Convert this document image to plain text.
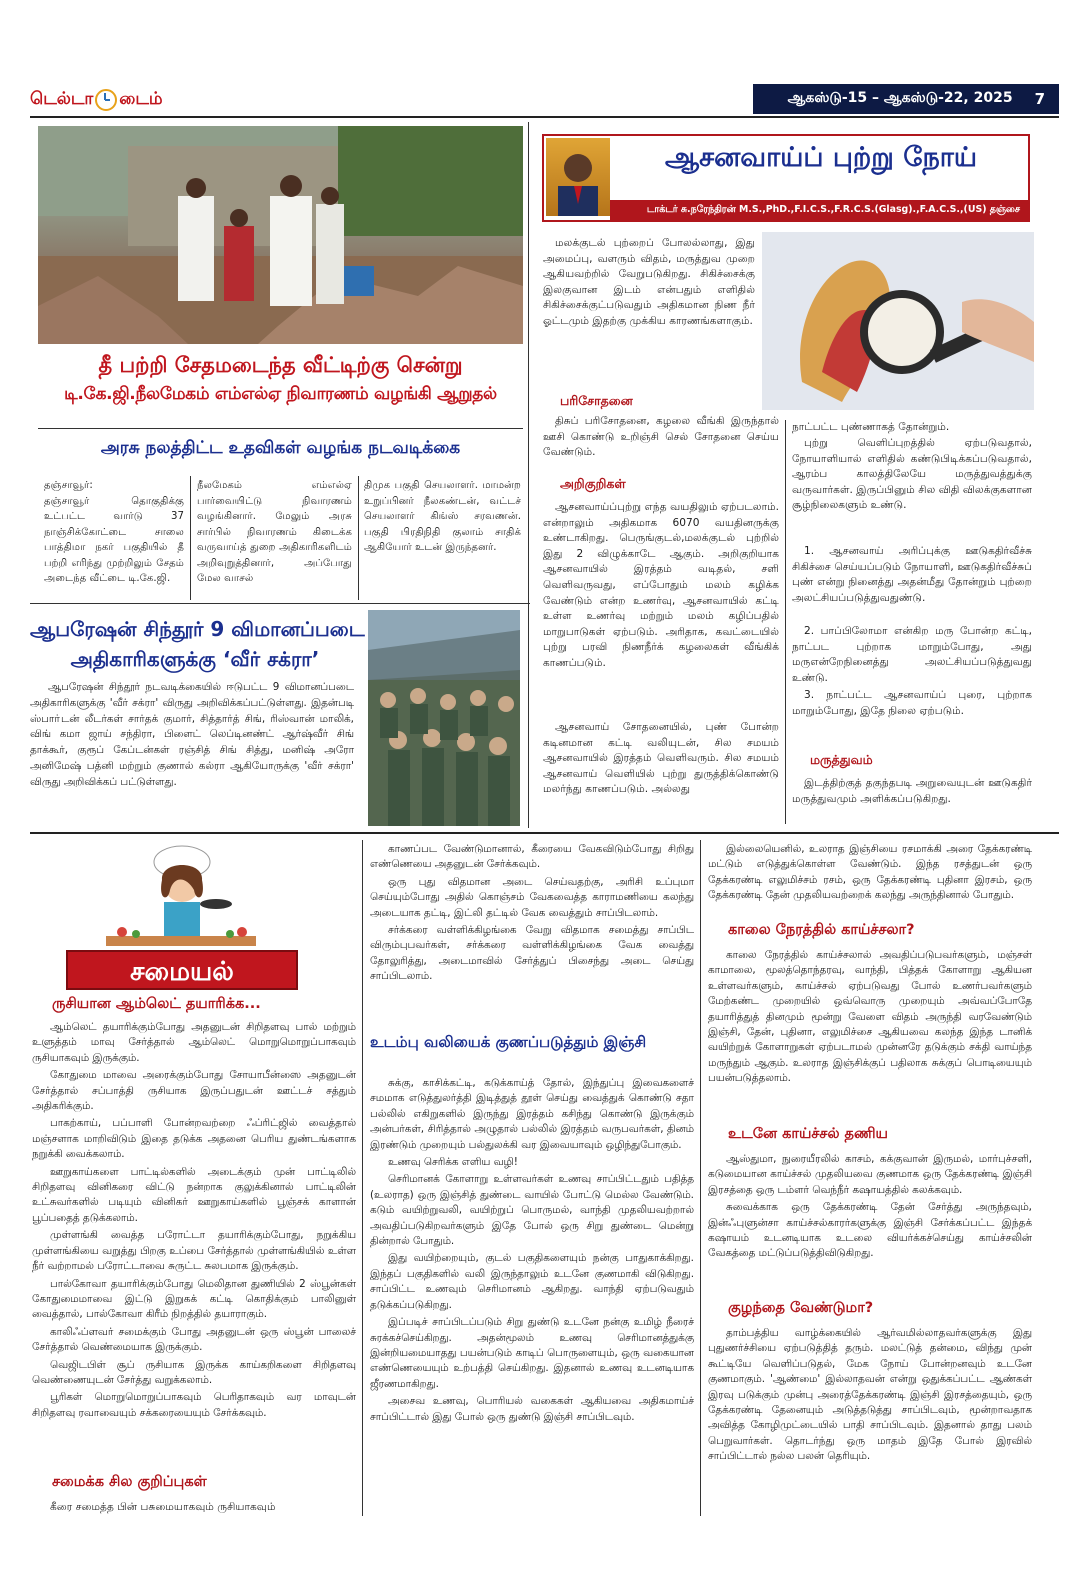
டெல்டா டைம்	ஆகஸ்டு-15 – ஆகஸ்டு-22, 2025 7
தீ பற்றி சேதமடைந்த வீட்டிற்கு சென்று
டி.கே.ஜி.நீலமேகம் எம்எல்ஏ நிவாரணம் வழங்கி ஆறுதல்
அரசு நலத்திட்ட உதவிகள் வழங்க நடவடிக்கை
தஞ்சாவூர்:
தஞ்சாவூர் தொகுதிக்கு உட்பட்ட வார்டு 37 நாஞ்சிக்கோட்டை சாலை பாத்திமா நகர் பகுதியில் தீ பற்றி எரிந்து முற்றிலும் சேதம் அடைந்த வீட்டை டி.கே.ஜி.
நீலமேகம் எம்எல்ஏ பார்வையிட்டு நிவாரணம் வழங்கினார். மேலும் அரசு சார்பில் நிவாரணம் கிடைக்க வருவாய்த் துறை அதிகாரிகளிடம் அறிவுறுத்தினார், அப்போது மேல வாசல்
திமுக பகுதி செயலாளர். மாமன்ற உறுப்பினர் நீலகண்டன், வட்டச் செயலாளர் கிங்ஸ் சரவணன். பகுதி பிரதிநிதி குலாம் சாதிக் ஆகியோர் உடன் இருந்தனர்.
ஆபரேஷன் சிந்தூர் 9 விமானப்படை
அதிகாரிகளுக்கு ‘வீர் சக்ரா’
ஆபரேஷன் சிந்தூர் நடவடிக்கையில் ஈடுபட்ட 9 விமானப்படை அதிகாரிகளுக்கு 'வீர் சக்ரா' விருது அறிவிக்கப்பட்டுள்ளது. இதன்படி ஸ்பாா்டன் லீடர்கள் சார்தக் குமார், சித்தார்த் சிங், ரிஸ்வான் மாலிக், விங் கமா ஜாய் சந்திரா, பிளைட் லெப்டினண்ட் ஆர்ஷ்வீர் சிங் தாக்கூர், குரூப் கேப்டன்கள் ரஞ்சித் சிங் சித்து, மனிஷ் அரோ அனிமேஷ் பத்னி மற்றும் குணால் கல்ரா ஆகியோருக்கு 'வீர் சக்ரா' விருது அறிவிக்கப் பட்டுள்ளது.
ஆசனவாய்ப் புற்று நோய்
டாக்டர் சு.நரேந்திரன் M.S.,PhD.,F.I.C.S.,F.R.C.S.(Glasg).,F.A.C.S.,(US) தஞ்சை
மலக்குடல் புற்றைப் போலல்லாது, இது அமைப்பு, வளரும் விதம், மருத்துவ முறை ஆகியவற்றில் வேறுபடுகிறது. சிகிச்சைக்கு இலகுவான இடம் என்பதும் எளிதில் சிகிச்சைக்குட்படுவதும் அதிகமான நிண நீர் ஓட்டமும் இதற்கு முக்கிய காரணங்களாகும்.
பரிசோதனை
திசுப் பரிசோதனை, கழலை வீங்கி இருந்தால் ஊசி கொண்டு உறிஞ்சி செல் சோதனை செய்ய வேண்டும்.
அறிகுறிகள்
ஆசனவாய்ப்புற்று எந்த வயதிலும் ஏற்படலாம். என்றாலும் அதிகமாக 6070 வயதினருக்கு உண்டாகிறது. பெருங்குடல்,மலக்குடல் புற்றில் இது 2 விழுக்காடே ஆகும். அறிகுறியாக ஆசனவாயில் இரத்தம் வடிதல், சளி வெளிவருவது, எப்போதும் மலம் கழிக்க வேண்டும் என்ற உணர்வு, ஆசனவாயில் கட்டி உள்ள உணர்வு மற்றும் மலம் கழிப்பதில் மாறுபாடுகள் ஏற்படும். அரிதாக, கவட்டையில் புற்று பரவி நிணநீர்க் கழலைகள் வீங்கிக் காணப்படும்.
ஆசனவாய் சோதனையில், புண் போன்ற கடினமான கட்டி வலியுடன், சில சமயம் ஆசனவாயில் இரத்தம் வெளிவரும். சில சமயம் ஆசனவாய் வெளியில் புற்று துருத்திக்கொண்டு மலர்ந்து காணப்படும். அல்லது
நாட்பட்ட புண்ணாகத் தோன்றும்.
புற்று வெளிப்புறத்தில் ஏற்படுவதால், நோயாளியால் எளிதில் கண்டுபிடிக்கப்படுவதால், ஆரம்ப காலத்திலேயே மருத்துவத்துக்கு வருவார்கள். இருப்பினும் சில விதி விலக்குகளான சூழ்நிலைகளும் உண்டு.
1. ஆசனவாய் அரிப்புக்கு ஊடுகதிர்வீச்சு சிகிச்சை செய்யப்படும் நோயாளி, ஊடுகதிர்வீச்சுப் புண் என்று நினைத்து அதன்மீது தோன்றும் புற்றை அலட்சியப்படுத்துவதுண்டு.
2. பாப்பிலோமா என்கிற மரு போன்ற கட்டி, நாட்பட புற்றாக மாறும்போது, அது மருஎன்றேநினைத்து அலட்சியப்படுத்துவது உண்டு.
3. நாட்பட்ட ஆசனவாய்ப் புரை, புற்றாக மாறும்போது, இதே நிலை ஏற்படும்.
மருத்துவம்
இடத்திற்குத் தகுந்தபடி அறுவையுடன் ஊடுகதிர் மருத்துவமும் அளிக்கப்படுகிறது.
சமையல்
ருசியான ஆம்லெட் தயாரிக்க...

ஆம்லெட் தயாரிக்கும்போது அதனுடன் சிறிதளவு பால் மற்றும் உளுத்தம் மாவு சேர்த்தால் ஆம்லெட் மொறுமொறுப்பாகவும் ருசியாகவும் இருக்கும்.

கோதுமை மாவை அரைக்கும்போது சோயாபீன்ஸை அதனுடன் சேர்த்தால் சப்பாத்தி ருசியாக இருப்பதுடன் ஊட்டச் சத்தும் அதிகரிக்கும்.

பாகற்காய், பப்பாளி போன்றவற்றை ஃப்ரிட்ஜில் வைத்தால் மஞ்சளாக மாறிவிடும் இதை தடுக்க அதனை பெரிய துண்டங்களாக நறுக்கி வைக்கலாம்.

ஊறுகாய்களை பாட்டில்களில் அடைக்கும் முன் பாட்டிலில் சிறிதளவு வினிகரை விட்டு நன்றாக குலுக்கினால் பாட்டிலின் உட்சுவர்களில் படியும் வினிகர் ஊறுகாய்களில் பூஞ்சக் காளான் பூப்பதைத் தடுக்கலாம்.

முள்ளங்கி வைத்த பரோட்டா தயாரிக்கும்போது, நறுக்கிய முள்ளங்கியை வறுத்து பிறகு உப்பை சேர்த்தால் முள்ளங்கியில் உள்ள நீர் வற்றாமல் பரோட்டாவை சுருட்ட சுலபமாக இருக்கும்.

பால்கோவா தயாரிக்கும்போது மெலிதான துணியில் 2 ஸ்பூன்கள் கோதுமைமாவை இட்டு இறுகக் கட்டி கொதிக்கும் பாலினுள் வைத்தால், பால்கோவா கிரீம் நிறத்தில் தயாராகும்.

காலிஃப்ளவர் சமைக்கும் போது அதனுடன் ஒரு ஸ்பூன் பாலைச் சேர்த்தால் வெண்மையாக இருக்கும்.

வெஜிடபிள் சூப் ருசியாக இருக்க காய்கறிகளை சிறிதளவு வெண்ணையுடன் சேர்த்து வறுக்கலாம்.

பூரிகள் மொறுமொறுப்பாகவும் பெரிதாகவும் வர மாவுடன் சிறிதளவு ரவாவையும் சக்கரையையும் சேர்க்கவும்.

சமைக்க சில குறிப்புகள்
கீரை சமைத்த பின் பசுமையாகவும் ருசியாகவும்

காணப்பட வேண்டுமானால், கீரையை வேகவிடும்போது சிறிது எண்ணெயை அதனுடன் சேர்க்கவும்.

ஒரு புது விதமான அடை செய்வதற்கு, அரிசி உப்புமா செய்யும்போது அதில் கொஞ்சம் வேகவைத்த காராமணியை கலந்து அடையாக தட்டி, இட்லி தட்டில் வேக வைத்தும் சாப்பிடலாம்.

சர்க்கரை வள்ளிக்கிழங்கை வேறு விதமாக சமைத்து சாப்பிட விரும்புபவர்கள், சர்க்கரை வள்ளிக்கிழங்கை வேக வைத்து தோலுரித்து, அடைமாவில் சேர்த்துப் பிசைந்து அடை செய்து சாப்பிடலாம்.

உடம்பு வலியைக் குணப்படுத்தும் இஞ்சி

சுக்கு, காசிக்கட்டி, கடுக்காய்த் தோல், இந்துப்பு இவைகளைச் சமமாக எடுத்துலர்த்தி இடித்துத் தூள் செய்து வைத்துக் கொண்டு சதா பல்லில் எகிறுகளில் இருந்து இரத்தம் கசிந்து கொண்டு இருக்கும் அன்பர்கள், சிரித்தால் அழுதால் பல்லில் இரத்தம் வருபவர்கள், தினம் இரண்டும் முறையும் பல்துலக்கி வர இவையாவும் ஒழிந்துபோகும்.

உணவு செரிக்க எளிய வழி!

செரிமானக் கோளாறு உள்ளவர்கள் உணவு சாப்பிட்டதும் பதித்த (உலராத) ஒரு இஞ்சித் துண்டை வாயில் போட்டு மெல்ல வேண்டும். கடும் வயிற்றுவலி, வயிற்றுப் பொருமல், வாந்தி முதலியவற்றால் அவதிப்படுகிறவர்களும் இதே போல் ஒரு சிறு துண்டை மென்று தின்றால் போதும்.

இது வயிற்றையும், குடல் பகுதிகளையும் நன்கு பாதுகாக்கிறது. இந்தப் பகுதிகளில் வலி இருந்தாலும் உடனே குணமாகி விடுகிறது. சாப்பிட்ட உணவும் செரிமானம் ஆகிறது. வாந்தி ஏற்படுவதும் தடுக்கப்படுகிறது.

இப்படிச் சாப்பிடப்படும் சிறு துண்டு உடனே நன்கு உமிழ் நீரைச் சுரக்கச்செய்கிறது. அதன்மூலம் உணவு செரிமானத்துக்கு இன்றியமையாதது பயன்படும் காடிப் பொருளையும், ஒரு வகையான எண்ணெயையும் உற்பத்தி செய்கிறது. இதனால் உணவு உடனடியாக ஜீரணமாகிறது.

அசைவ உணவு, பொரியல் வகைகள் ஆகியவை அதிகமாய்ச் சாப்பிட்டால் இது போல் ஒரு துண்டு இஞ்சி சாப்பிடவும்.

இல்லையெனில், உலராத இஞ்சியை ரசமாக்கி அரை தேக்கரண்டி மட்டும் எடுத்துக்கொள்ள வேண்டும். இந்த ரசத்துடன் ஒரு தேக்கரண்டி எலுமிச்சம் ரசம், ஒரு தேக்கரண்டி புதினா இரசம், ஒரு தேக்கரண்டி தேன் முதலியவற்றைக் கலந்து அருந்தினால் போதும்.
காலை நேரத்தில் காய்ச்சலா?
காலை நேரத்தில் காய்ச்சலால் அவதிப்படுபவர்களும், மஞ்சள் காமாலை, மூலத்தொந்தரவு, வாந்தி, பித்தக் கோளாறு ஆகியன உள்ளவர்களும், காய்ச்சல் ஏற்படுவது போல் உணர்பவர்களும் மேற்கண்ட முறையில் ஒவ்வொரு முறையும் அவ்வப்போதே தயாரித்துத் தினமும் மூன்று வேளை விதம் அருந்தி வரவேண்டும் இஞ்சி, தேன், புதினா, எலுமிச்சை ஆகியவை கலந்த இந்த டானிக் வயிற்றுக் கோளாறுகள் ஏற்படாமல் முன்னரே தடுக்கும் சக்தி வாய்ந்த மருந்தும் ஆகும். உலராத இஞ்சிக்குப் பதிலாக சுக்குப் பொடியையும் பயன்படுத்தலாம்.
உடனே காய்ச்சல் தணிய

ஆஸ்துமா, நுரையீரலில் காசம், கக்குவான் இருமல், மார்புச்சளி, கடுமையான காய்ச்சல் முதலியவை குணமாக ஒரு தேக்கரண்டி இஞ்சி இரசத்தை ஒரு டம்ளர் வெந்நீர் கஷாயத்தில் கலக்கவும்.

சுவைக்காக ஒரு தேக்கரண்டி தேன் சேர்த்து அருந்தவும், இன்ஃபுளுன்சா காய்ச்சல்காரர்களுக்கு இஞ்சி சேர்க்கப்பட்ட இந்தக் கஷாயம் உடனடியாக உடலை வியர்க்கச்செய்து காய்ச்சலின் வேகத்தை மட்டுப்படுத்திவிடுகிறது.

குழந்தை வேண்டுமா?
தாம்பத்திய வாழ்க்கையில் ஆர்வமில்லாதவர்களுக்கு இது புதுணர்ச்சியை ஏற்படுத்தித் தரும். மலட்டுத் தன்மை, விந்து முன் கூட்டியே வெளிப்படுதல், மேக நோய் போன்றனவும் உடனே குணமாகும். 'ஆண்மை' இல்லாதவன் என்று ஒதுக்கப்பட்ட ஆண்கள் இரவு படுக்கும் முன்பு அரைத்தேக்கரண்டி இஞ்சி இரசத்தையும், ஒரு தேக்கரண்டி தேனையும் அடுத்தடுத்து சாப்பிடவும், மூன்றாவதாக அவித்த கோழிமுட்டையில் பாதி சாப்பிடவும். இதனால் தாது பலம் பெறுவார்கள். தொடர்ந்து ஒரு மாதம் இதே போல் இரவில் சாப்பிட்டால் நல்ல பலன் தெரியும்.
